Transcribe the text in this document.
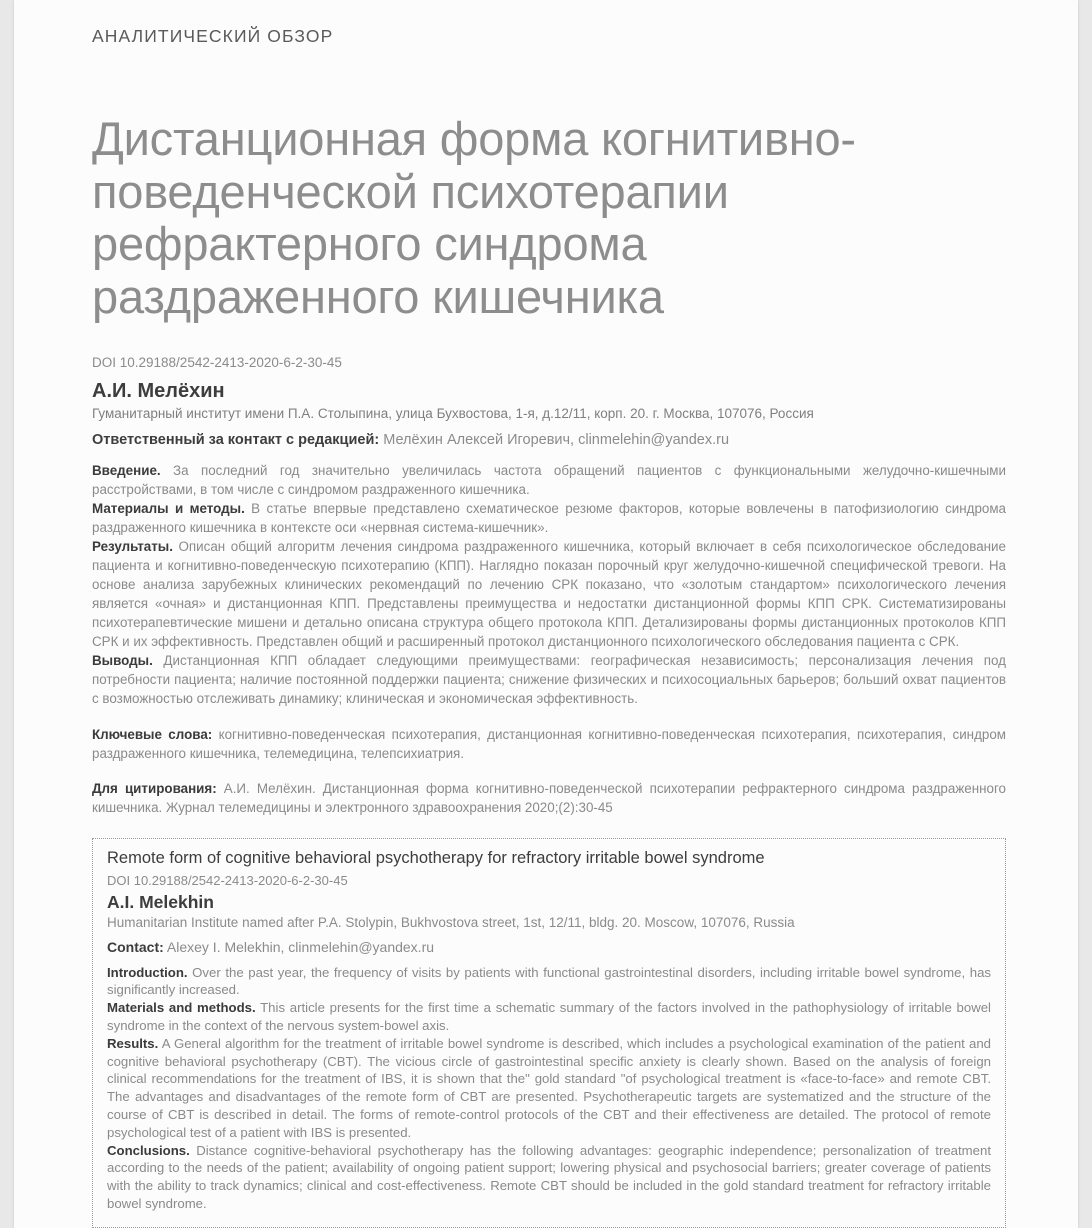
АНАЛИТИЧЕСКИЙ ОБЗОР
Дистанционная форма когнитивно-поведенческой психотерапии рефрактерного синдрома раздраженного кишечника
DOI 10.29188/2542-2413-2020-6-2-30-45
А.И. Мелёхин
Гуманитарный институт имени П.А. Столыпина, улица Бухвостова, 1-я, д.12/11, корп. 20. г. Москва, 107076, Россия
Ответственный за контакт с редакцией: Мелёхин Алексей Игоревич, clinmelehin@yandex.ru

Введение. За последний год значительно увеличилась частота обращений пациентов с функциональными желудочно-кишечными расстройствами, в том числе с синдромом раздраженного кишечника.

Материалы и методы. В статье впервые представлено схематическое резюме факторов, которые вовлечены в патофизиологию синдрома раздраженного кишечника в контексте оси «нервная система-кишечник».

Результаты. Описан общий алгоритм лечения синдрома раздраженного кишечника, который включает в себя психологическое обследование пациента и когнитивно-поведенческую психотерапию (КПП). Наглядно показан порочный круг желудочно-кишечной специфической тревоги. На основе анализа зарубежных клинических рекомендаций по лечению СРК показано, что «золотым стандартом» психологического лечения является «очная» и дистанционная КПП. Представлены преимущества и недостатки дистанционной формы КПП СРК. Систематизированы психотерапевтические мишени и детально описана структура общего протокола КПП. Детализированы формы дистанционных протоколов КПП СРК и их эффективность. Представлен общий и расширенный протокол дистанционного психологического обследования пациента с СРК.

Выводы. Дистанционная КПП обладает следующими преимуществами: географическая независимость; персонализация лечения под потребности пациента; наличие постоянной поддержки пациента; снижение физических и психосоциальных барьеров; больший охват пациентов с возможностью отслеживать динамику; клиническая и экономическая эффективность.

Ключевые слова: когнитивно-поведенческая психотерапия, дистанционная когнитивно-поведенческая психотерапия, психотерапия, синдром раздраженного кишечника, телемедицина, телепсихиатрия.
Для цитирования: А.И. Мелёхин. Дистанционная форма когнитивно-поведенческой психотерапии рефрактерного синдрома раздраженного кишечника. Журнал телемедицины и электронного здравоохранения 2020;(2):30-45
Remote form of cognitive behavioral psychotherapy for refractory irritable bowel syndrome
DOI 10.29188/2542-2413-2020-6-2-30-45
A.I. Melekhin
Humanitarian Institute named after P.A. Stolypin, Bukhvostova street, 1st, 12/11, bldg. 20. Moscow, 107076, Russia
Contact: Alexey I. Melekhin, clinmelehin@yandex.ru

Introduction. Over the past year, the frequency of visits by patients with functional gastrointestinal disorders, including irritable bowel syndrome, has significantly increased.

Materials and methods. This article presents for the first time a schematic summary of the factors involved in the pathophysiology of irritable bowel syndrome in the context of the nervous system-bowel axis.

Results. A General algorithm for the treatment of irritable bowel syndrome is described, which includes a psychological examination of the patient and cognitive behavioral psychotherapy (CBT). The vicious circle of gastrointestinal specific anxiety is clearly shown. Based on the analysis of foreign clinical recommendations for the treatment of IBS, it is shown that the" gold standard "of psychological treatment is «face-to-face» and remote CBT. The advantages and disadvantages of the remote form of CBT are presented. Psychotherapeutic targets are systematized and the structure of the course of CBT is described in detail. The forms of remote-control protocols of the CBT and their effectiveness are detailed. The protocol of remote psychological test of a patient with IBS is presented.

Conclusions. Distance cognitive-behavioral psychotherapy has the following advantages: geographic independence; personalization of treatment according to the needs of the patient; availability of ongoing patient support; lowering physical and psychosocial barriers; greater coverage of patients with the ability to track dynamics; clinical and cost-effectiveness. Remote CBT should be included in the gold standard treatment for refractory irritable bowel syndrome.
